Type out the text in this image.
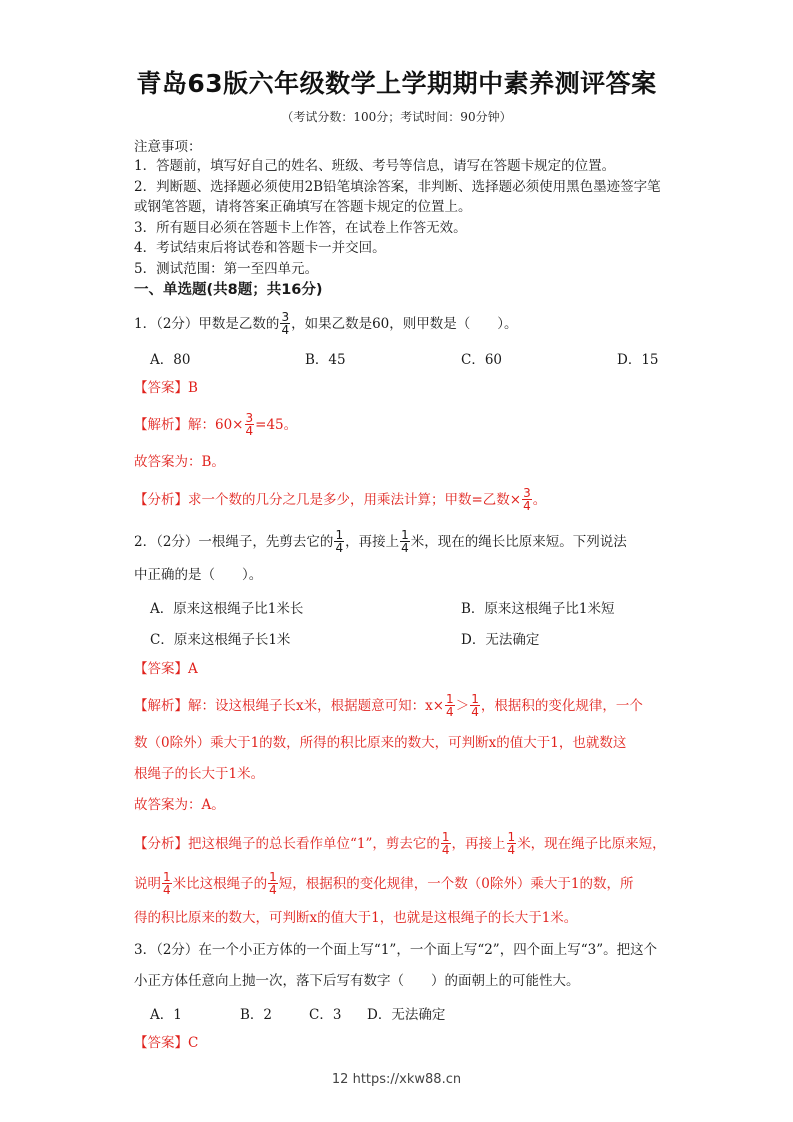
青岛63版六年级数学上学期期中素养测评答案
（考试分数：100分；考试时间：90分钟）
注意事项：
1．答题前，填写好自己的姓名、班级、考号等信息，请写在答题卡规定的位置。
2．判断题、选择题必须使用2B铅笔填涂答案，非判断、选择题必须使用黑色墨迹签字笔
或钢笔答题，请将答案正确填写在答题卡规定的位置上。
3．所有题目必须在答题卡上作答，在试卷上作答无效。
4．考试结束后将试卷和答题卡一并交回。
5．测试范围：第一至四单元。
一、单选题(共8题；共16分)
1．（2分）甲数是乙数的 $\frac{3}{4}$ ，如果乙数是60，则甲数是（　　）。
A．80	B．45	C．60	D．15
【答案】B
【解析】解：$60\times \frac{3}{4} =45$。
故答案为：B。
【分析】求一个数的几分之几是多少，用乘法计算；甲数=乙数× $\frac{3}{4}$ 。
2．（2分）一根绳子，先剪去它的 $\frac{1}{4}$ ，再接上 $\frac{1}{4}$ 米，现在的绳长比原来短。下列说法
中正确的是（　　）。
A．原来这根绳子比1米长	B．原来这根绳子比1米短
C．原来这根绳子长1米	D．无法确定
【答案】A
【解析】解：设这根绳子长x米，根据题意可知：$x\times \frac{1}{4} > \frac{1}{4}$ ，根据积的变化规律，一个
数（0除外）乘大于1的数，所得的积比原来的数大，可判断x的值大于1，也就数这
根绳子的长大于1米。
故答案为：A。
【分析】把这根绳子的总长看作单位“1”，剪去它的 $\frac{1}{4}$ ，再接上 $\frac{1}{4}$ 米，现在绳子比原来短，
说明 $\frac{1}{4}$ 米比这根绳子的 $\frac{1}{4}$ 短，根据积的变化规律，一个数（0除外）乘大于1的数，所
得的积比原来的数大，可判断x的值大于1，也就是这根绳子的长大于1米。
3．（2分）在一个小正方体的一个面上写“1”，一个面上写“2”，四个面上写“3”。把这个
小正方体任意向上抛一次，落下后写有数字（　　）的面朝上的可能性大。
A．1	B．2	C．3 D．无法确定
【答案】C
12 https://xkw88.cn
